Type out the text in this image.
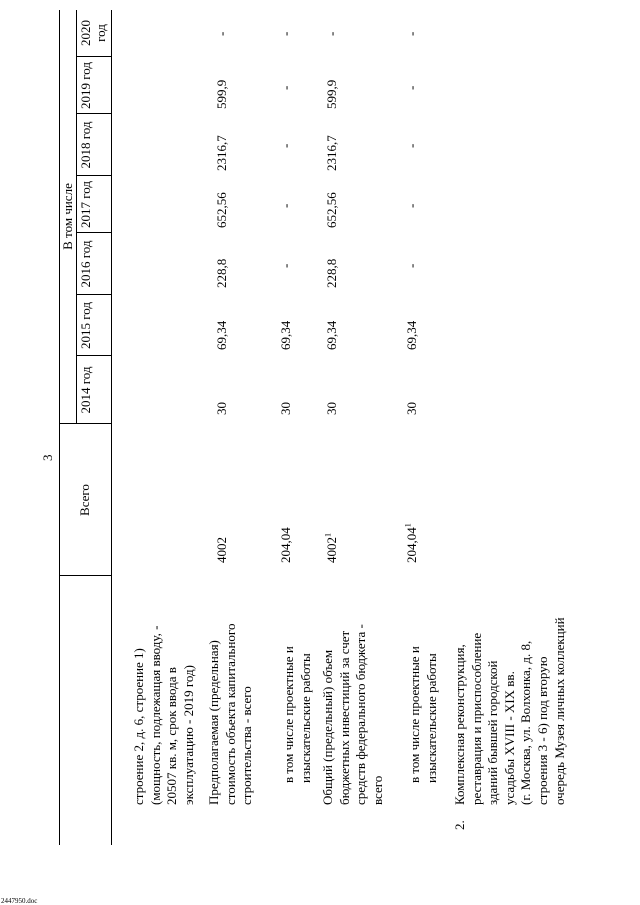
3
2447950.doc
Всего
В том числе
2014 год
2015 год
2016 год
2017 год
2018 год
2019 год
2020 год
строение 2, д. 6, строение 1) (мощность, подлежащая вводу, - 20507 кв. м, срок ввода в эксплуатацию - 2019 год) Предполагаемая (предельная) стоимость объекта капитального строительства - всего
4002
30
69,34
228,8
652,56
2316,7
599,9
-
в том числе проектные и изыскательские работы
204,04
30
69,34
-
-
-
-
-
Общий (предельный) объем бюджетных инвестиций за счет средств федерального бюджета - всего
4002$^1$
30
69,34
228,8
652,56
2316,7
599,9
-
в том числе проектные и изыскательские работы
204,04$^1$
30
69,34
-
-
-
-
-
2.
Комплексная реконструкция, реставрация и приспособление зданий бывшей городской усадьбы XVIII - XIX вв. (г. Москва, ул. Волхонка, д. 8, строения 3 - 6) под вторую очередь Музея личных коллекций
